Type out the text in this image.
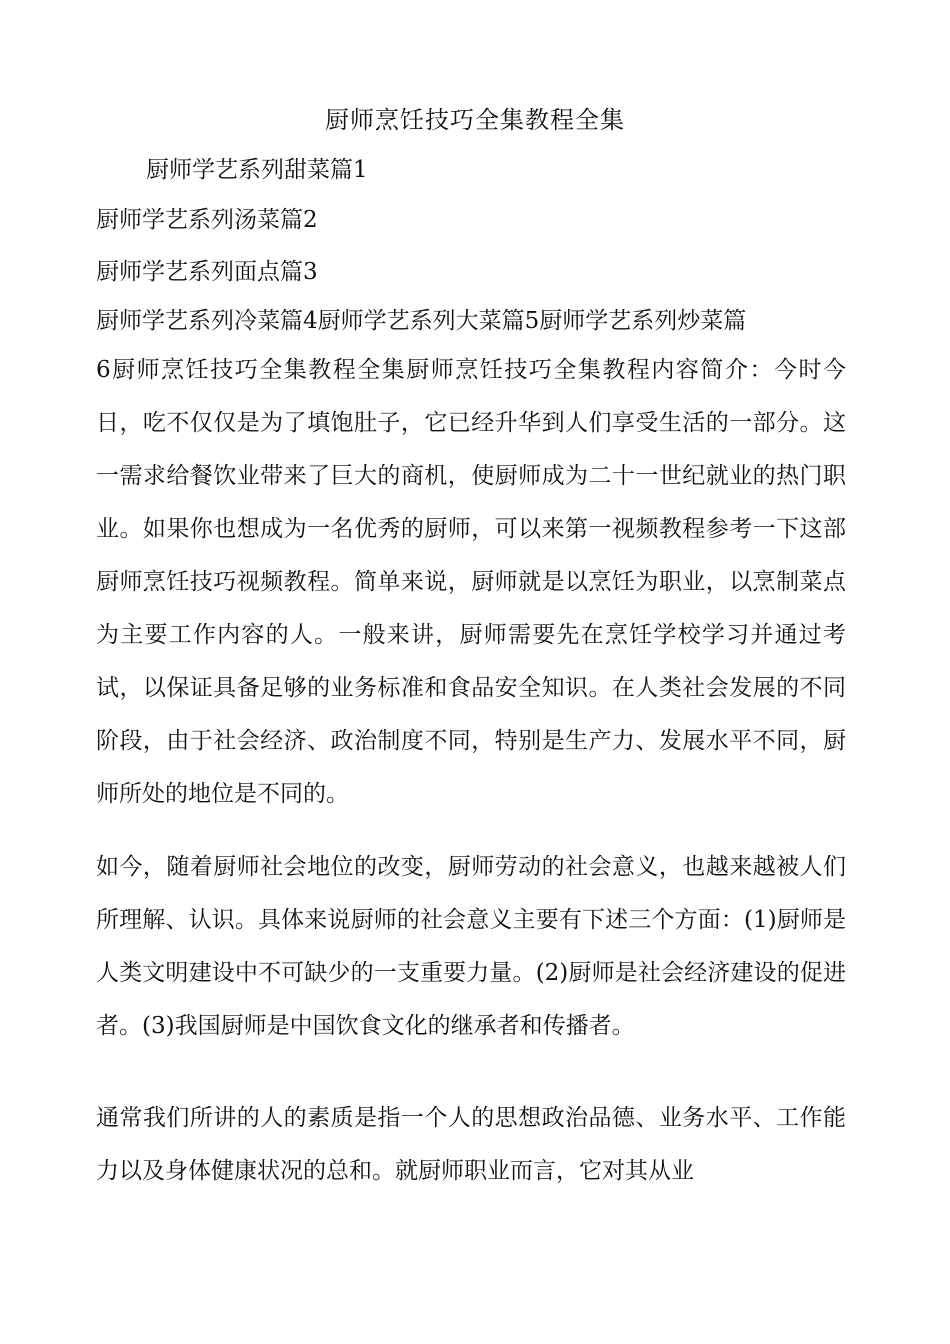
厨师烹饪技巧全集教程全集
厨师学艺系列甜菜篇1
厨师学艺系列汤菜篇2
厨师学艺系列面点篇3
厨师学艺系列冷菜篇4厨师学艺系列大菜篇5厨师学艺系列炒菜篇
6厨师烹饪技巧全集教程全集厨师烹饪技巧全集教程内容简介：今时今日，吃不仅仅是为了填饱肚子，它已经升华到人们享受生活的一部分。这一需求给餐饮业带来了巨大的商机，使厨师成为二十一世纪就业的热门职业。如果你也想成为一名优秀的厨师，可以来第一视频教程参考一下这部厨师烹饪技巧视频教程。简单来说，厨师就是以烹饪为职业，以烹制菜点为主要工作内容的人。一般来讲，厨师需要先在烹饪学校学习并通过考试，以保证具备足够的业务标准和食品安全知识。在人类社会发展的不同阶段，由于社会经济、政治制度不同，特别是生产力、发展水平不同，厨师所处的地位是不同的。
如今，随着厨师社会地位的改变，厨师劳动的社会意义，也越来越被人们所理解、认识。具体来说厨师的社会意义主要有下述三个方面：(1)厨师是人类文明建设中不可缺少的一支重要力量。(2)厨师是社会经济建设的促进者。(3)我国厨师是中国饮食文化的继承者和传播者。
通常我们所讲的人的素质是指一个人的思想政治品德、业务水平、工作能力以及身体健康状况的总和。就厨师职业而言，它对其从业
